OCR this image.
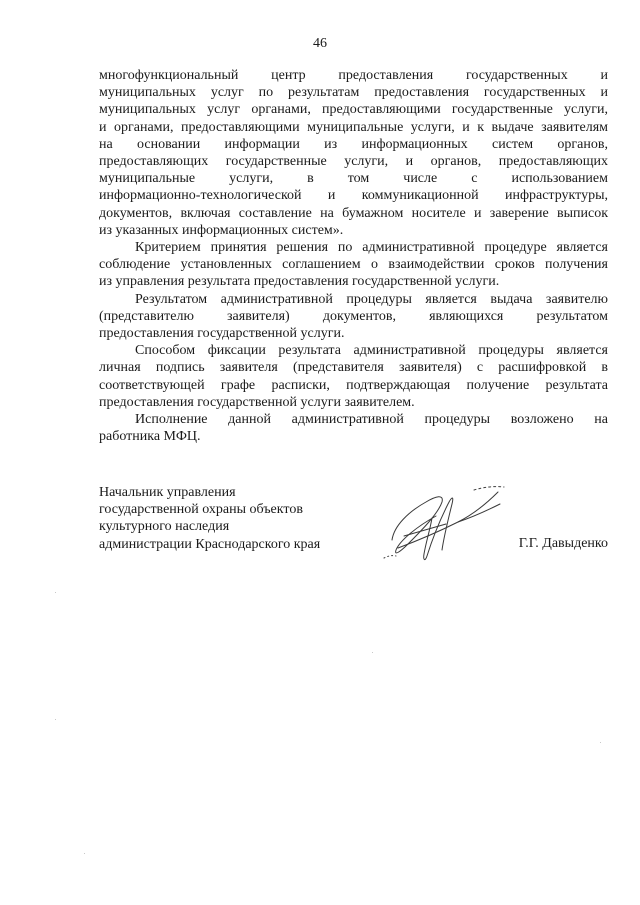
46

многофункциональный центр предоставления государственных и

муниципальных услуг по результатам предоставления государственных и

муниципальных услуг органами, предоставляющими государственные услуги,

и органами, предоставляющими муниципальные услуги, и к выдаче заявителям

на основании информации из информационных систем органов,

предоставляющих государственные услуги, и органов, предоставляющих

муниципальные услуги, в том числе с использованием

информационно-технологической и коммуникационной инфраструктуры,

документов, включая составление на бумажном носителе и заверение выписок

из указанных информационных систем».

Критерием принятия решения по административной процедуре является

соблюдение установленных соглашением о взаимодействии сроков получения

из управления результата предоставления государственной услуги.

Результатом административной процедуры является выдача заявителю

(представителю заявителя) документов, являющихся результатом

предоставления государственной услуги.

Способом фиксации результата административной процедуры является

личная подпись заявителя (представителя заявителя) с расшифровкой в

соответствующей графе расписки, подтверждающая получение результата

предоставления государственной услуги заявителем.

Исполнение данной административной процедуры возложено на

работника МФЦ.

Начальник управления
государственной охраны объектов
культурного наследия
администрации Краснодарского края	Г.Г. Давыденко
